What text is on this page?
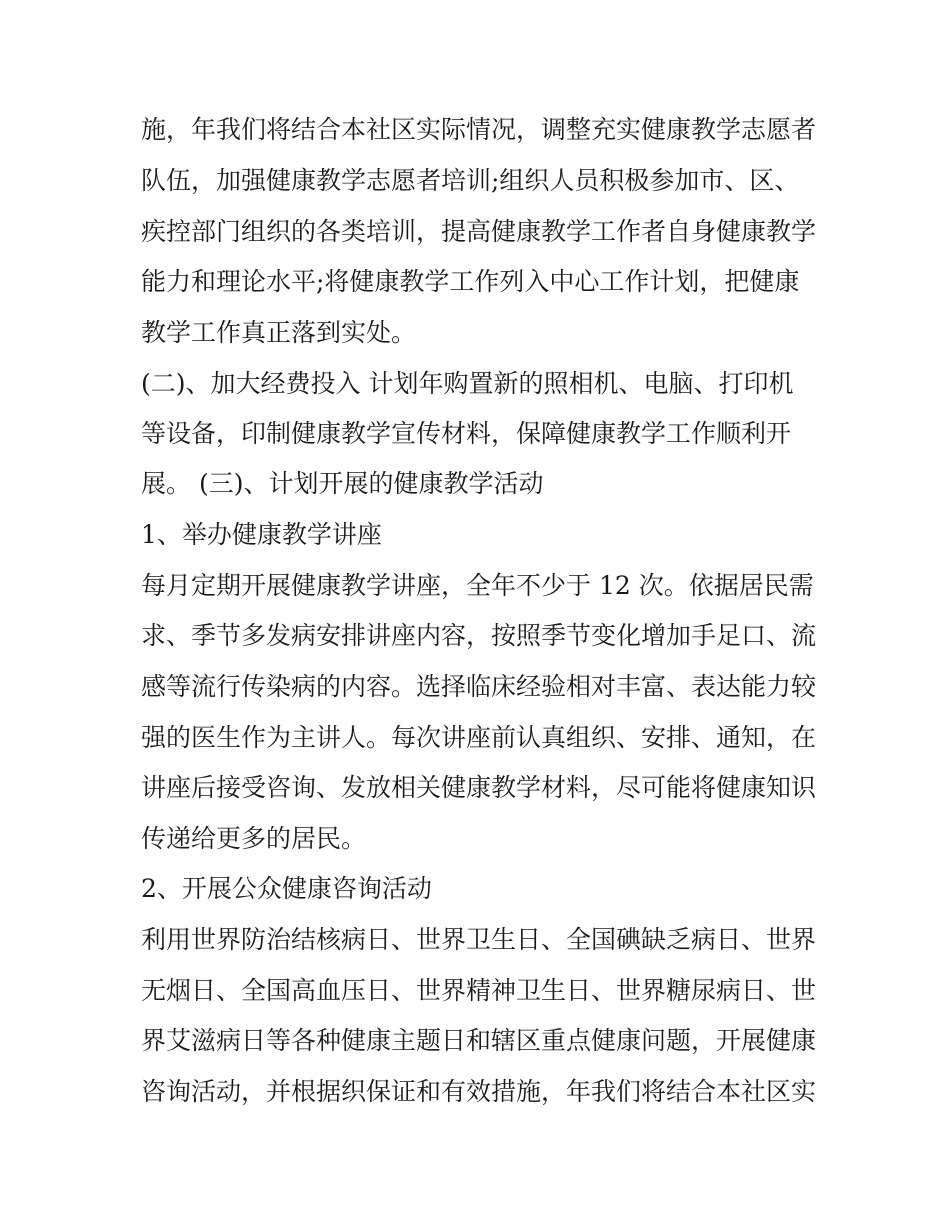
施，年我们将结合本社区实际情况，调整充实健康教学志愿者
队伍，加强健康教学志愿者培训;组织人员积极参加市、区、
疾控部门组织的各类培训，提高健康教学工作者自身健康教学
能力和理论水平;将健康教学工作列入中心工作计划，把健康
教学工作真正落到实处。
(二)、加大经费投入 计划年购置新的照相机、电脑、打印机
等设备，印制健康教学宣传材料，保障健康教学工作顺利开
展。 (三)、计划开展的健康教学活动
1、举办健康教学讲座
每月定期开展健康教学讲座，全年不少于 12 次。依据居民需
求、季节多发病安排讲座内容，按照季节变化增加手足口、流
感等流行传染病的内容。选择临床经验相对丰富、表达能力较
强的医生作为主讲人。每次讲座前认真组织、安排、通知，在
讲座后接受咨询、发放相关健康教学材料，尽可能将健康知识
传递给更多的居民。
2、开展公众健康咨询活动
利用世界防治结核病日、世界卫生日、全国碘缺乏病日、世界
无烟日、全国高血压日、世界精神卫生日、世界糖尿病日、世
界艾滋病日等各种健康主题日和辖区重点健康问题，开展健康
咨询活动，并根据织保证和有效措施，年我们将结合本社区实
